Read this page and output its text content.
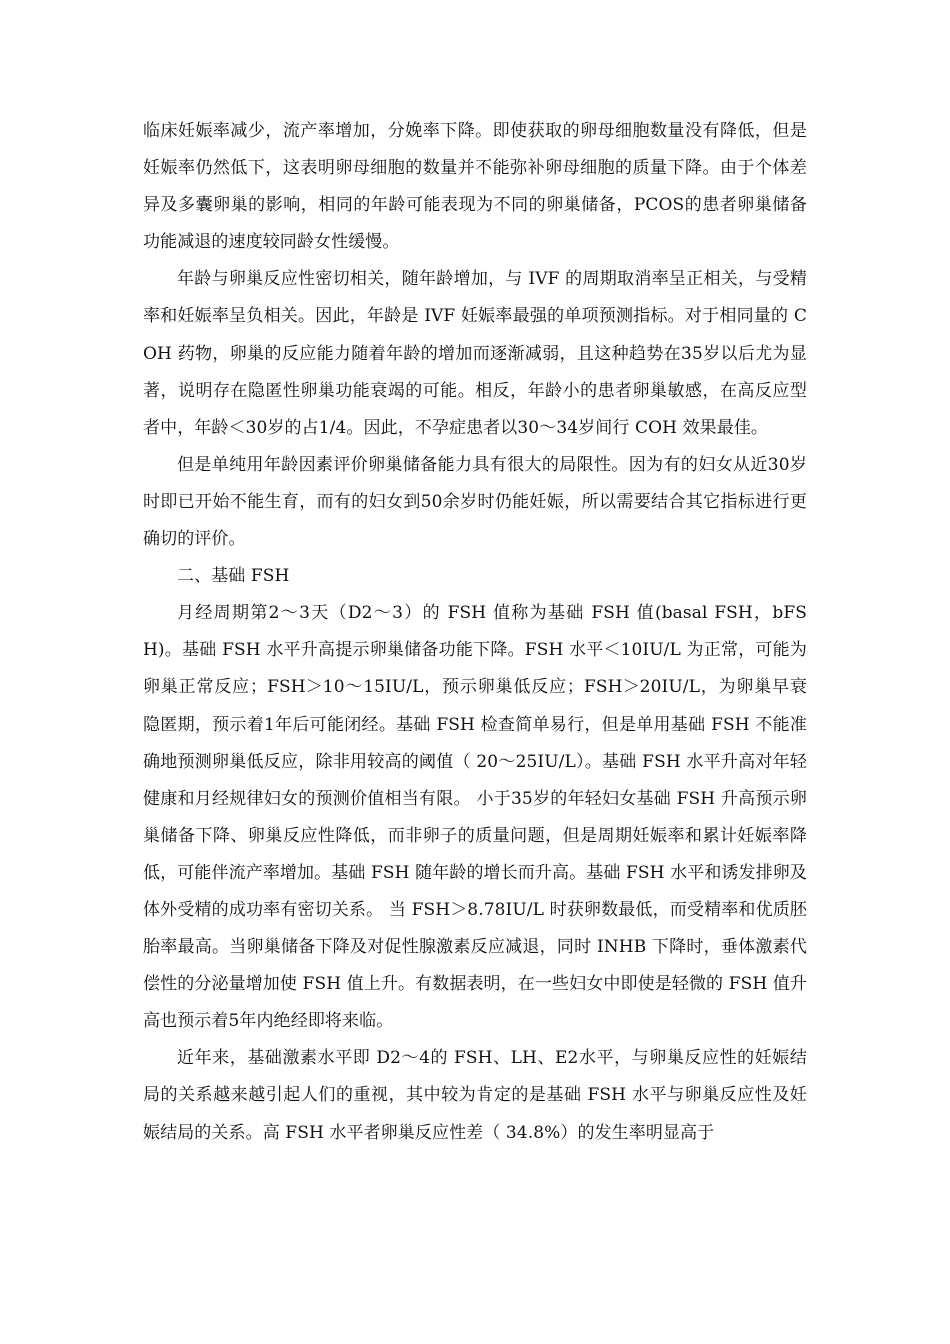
临床妊娠率减少，流产率增加，分娩率下降。即使获取的卵母细胞数量没有降低，但是妊娠率仍然低下，这表明卵母细胞的数量并不能弥补卵母细胞的质量下降。由于个体差异及多囊卵巢的影响，相同的年龄可能表现为不同的卵巢储备，PCOS的患者卵巢储备功能减退的速度较同龄女性缓慢。

年龄与卵巢反应性密切相关，随年龄增加，与 IVF 的周期取消率呈正相关，与受精率和妊娠率呈负相关。因此，年龄是 IVF 妊娠率最强的单项预测指标。对于相同量的 COH 药物，卵巢的反应能力随着年龄的增加而逐渐减弱，且这种趋势在35岁以后尤为显著，说明存在隐匿性卵巢功能衰竭的可能。相反，年龄小的患者卵巢敏感，在高反应型者中，年龄＜30岁的占1/4。因此，不孕症患者以30～34岁间行 COH 效果最佳。

但是单纯用年龄因素评价卵巢储备能力具有很大的局限性。因为有的妇女从近30岁时即已开始不能生育，而有的妇女到50余岁时仍能妊娠，所以需要结合其它指标进行更确切的评价。

二、基础 FSH

月经周期第2～3天（D2～3）的 FSH 值称为基础 FSH 值(basal FSH，bFSH)。基础 FSH 水平升高提示卵巢储备功能下降。FSH 水平＜10IU/L 为正常，可能为卵巢正常反应；FSH＞10～15IU/L，预示卵巢低反应；FSH＞20IU/L，为卵巢早衰隐匿期，预示着1年后可能闭经。基础 FSH 检查简单易行，但是单用基础 FSH 不能准确地预测卵巢低反应，除非用较高的阈值（ 20～25IU/L）。基础 FSH 水平升高对年轻健康和月经规律妇女的预测价值相当有限。 小于35岁的年轻妇女基础 FSH 升高预示卵巢储备下降、卵巢反应性降低，而非卵子的质量问题，但是周期妊娠率和累计妊娠率降低，可能伴流产率增加。基础 FSH 随年龄的增长而升高。基础 FSH 水平和诱发排卵及体外受精的成功率有密切关系。 当 FSH＞8.78IU/L 时获卵数最低，而受精率和优质胚胎率最高。当卵巢储备下降及对促性腺激素反应减退，同时 INHB 下降时，垂体激素代偿性的分泌量增加使 FSH 值上升。有数据表明，在一些妇女中即使是轻微的 FSH 值升高也预示着5年内绝经即将来临。

近年来，基础激素水平即 D2～4的 FSH、LH、E2水平，与卵巢反应性的妊娠结局的关系越来越引起人们的重视，其中较为肯定的是基础 FSH 水平与卵巢反应性及妊娠结局的关系。高 FSH 水平者卵巢反应性差（ 34.8%）的发生率明显高于
